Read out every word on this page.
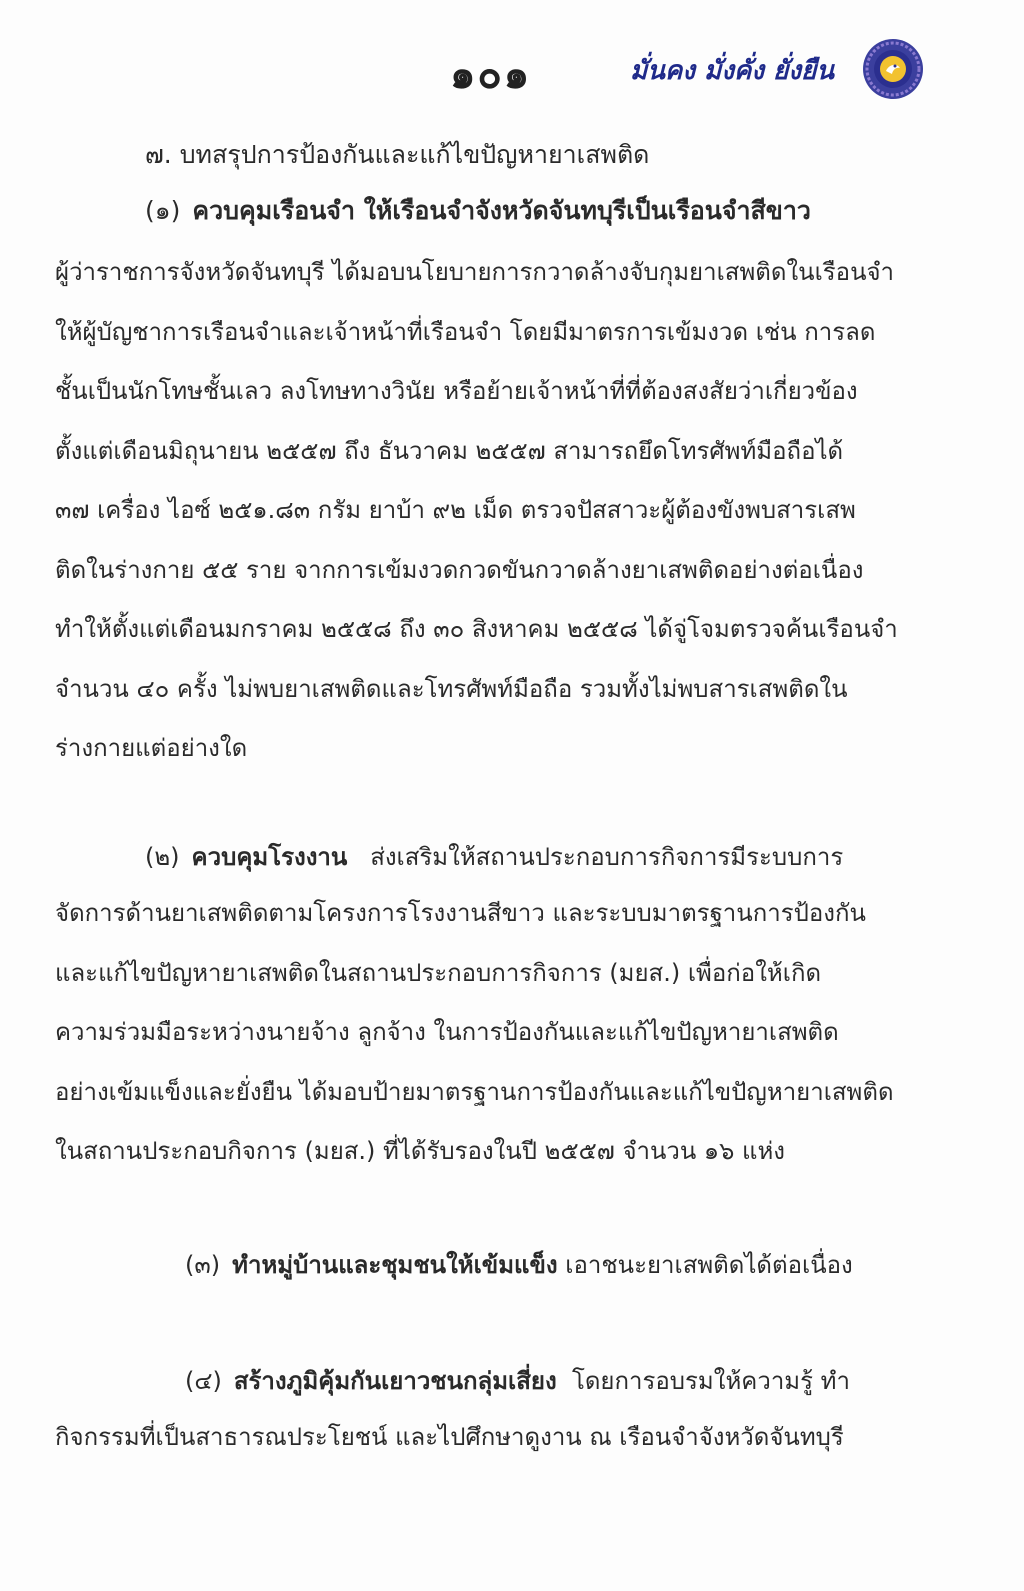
๑๐๑	มั่นคง มั่งคั่ง ยั่งยืน
๗. บทสรุปการป้องกันและแก้ไขปัญหายาเสพติด
(๑) ควบคุมเรือนจำ ให้เรือนจำจังหวัดจันทบุรีเป็นเรือนจำสีขาว
ผู้ว่าราชการจังหวัดจันทบุรี ได้มอบนโยบายการกวาดล้างจับกุมยาเสพติดในเรือนจำ
ให้ผู้บัญชาการเรือนจำและเจ้าหน้าที่เรือนจำ โดยมีมาตรการเข้มงวด เช่น การลด
ชั้นเป็นนักโทษชั้นเลว ลงโทษทางวินัย หรือย้ายเจ้าหน้าที่ที่ต้องสงสัยว่าเกี่ยวข้อง
ตั้งแต่เดือนมิถุนายน ๒๕๕๗ ถึง ธันวาคม ๒๕๕๗ สามารถยึดโทรศัพท์มือถือได้
๓๗ เครื่อง ไอซ์ ๒๕๑.๘๓ กรัม ยาบ้า ๙๒ เม็ด ตรวจปัสสาวะผู้ต้องขังพบสารเสพ
ติดในร่างกาย ๕๕ ราย จากการเข้มงวดกวดขันกวาดล้างยาเสพติดอย่างต่อเนื่อง
ทำให้ตั้งแต่เดือนมกราคม ๒๕๕๘ ถึง ๓๐ สิงหาคม ๒๕๕๘ ได้จู่โจมตรวจค้นเรือนจำ
จำนวน ๔๐ ครั้ง ไม่พบยาเสพติดและโทรศัพท์มือถือ รวมทั้งไม่พบสารเสพติดใน
ร่างกายแต่อย่างใด
(๒) ควบคุมโรงงาน ส่งเสริมให้สถานประกอบการกิจการมีระบบการ
จัดการด้านยาเสพติดตามโครงการโรงงานสีขาว และระบบมาตรฐานการป้องกัน
และแก้ไขปัญหายาเสพติดในสถานประกอบการกิจการ (มยส.) เพื่อก่อให้เกิด
ความร่วมมือระหว่างนายจ้าง ลูกจ้าง ในการป้องกันและแก้ไขปัญหายาเสพติด
อย่างเข้มแข็งและยั่งยืน ได้มอบป้ายมาตรฐานการป้องกันและแก้ไขปัญหายาเสพติด
ในสถานประกอบกิจการ (มยส.) ที่ได้รับรองในปี ๒๕๕๗ จำนวน ๑๖ แห่ง
(๓) ทำหมู่บ้านและชุมชนให้เข้มแข็ง เอาชนะยาเสพติดได้ต่อเนื่อง
(๔) สร้างภูมิคุ้มกันเยาวชนกลุ่มเสี่ยง โดยการอบรมให้ความรู้ ทำ
กิจกรรมที่เป็นสาธารณประโยชน์ และไปศึกษาดูงาน ณ เรือนจำจังหวัดจันทบุรี
